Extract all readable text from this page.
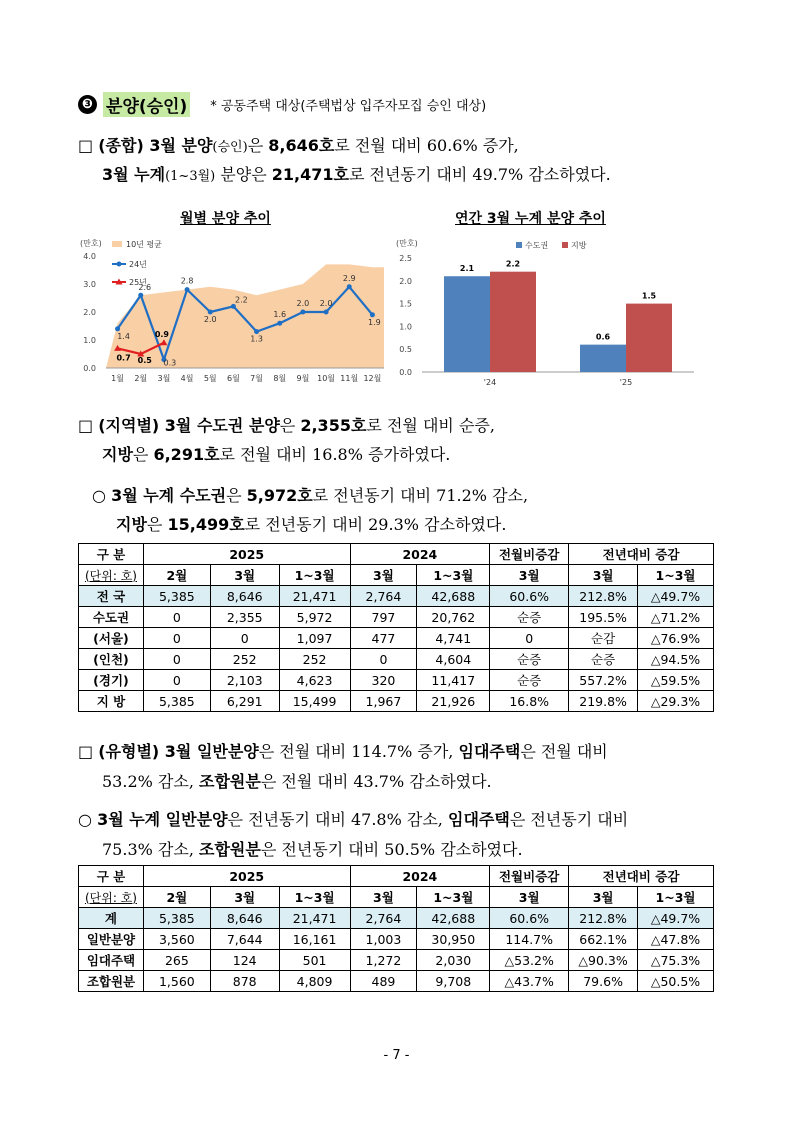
❸ 분양(승인) * 공동주택 대상(주택법상 입주자모집 승인 대상)
□ (종합) 3월 분양(승인)은 8,646호로 전월 대비 60.6% 증가,
3월 누계(1~3월) 분양은 21,471호로 전년동기 대비 49.7% 감소하였다.
월별 분양 추이	연간 3월 누계 분양 추이
(만호)
0.0
1.0
2.0
3.0
4.0
1.4
2.6
0.3
2.8
2.0
2.2
1.3
1.6
2.0 2.0
2.9
1.9
0.7 0.5
0.9
1월 2월 3월 4월 5월 6월 7월 8월 9월 10월 11월 12월
10년 평균
24년
25년
(만호)
0.0
0.5
1.0
1.5
2.0
2.5
2.1
2.2
'24
0.6
1.5
'25
수도권	지방
□ (지역별) 3월 수도권 분양은 2,355호로 전월 대비 순증,
지방은 6,291호로 전월 대비 16.8% 증가하였다.
○ 3월 누계 수도권은 5,972호로 전년동기 대비 71.2% 감소,
지방은 15,499호로 전년동기 대비 29.3% 감소하였다.
구 분	2025			2024		전월비증감	전년대비 증감	
(단위: 호)	2월	3월	1~3월	3월	1~3월	3월	3월	1~3월
전 국	5,385	8,646	21,471	2,764	42,688	60.6%	212.8%	△49.7%
수도권	0	2,355	5,972	797	20,762	순증	195.5%	△71.2%
(서울)	0	0	1,097	477	4,741	0	순감	△76.9%
(인천)	0	252	252	0	4,604	순증	순증	△94.5%
(경기)	0	2,103	4,623	320	11,417	순증	557.2%	△59.5%
지 방	5,385	6,291	15,499	1,967	21,926	16.8%	219.8%	△29.3%
□ (유형별) 3월 일반분양은 전월 대비 114.7% 증가, 임대주택은 전월 대비
53.2% 감소, 조합원분은 전월 대비 43.7% 감소하였다.
○ 3월 누계 일반분양은 전년동기 대비 47.8% 감소, 임대주택은 전년동기 대비
75.3% 감소, 조합원분은 전년동기 대비 50.5% 감소하였다.
구 분	2025			2024		전월비증감	전년대비 증감	
(단위: 호)	2월	3월	1~3월	3월	1~3월	3월	3월	1~3월
계	5,385	8,646	21,471	2,764	42,688	60.6%	212.8%	△49.7%
일반분양	3,560	7,644	16,161	1,003	30,950	114.7%	662.1%	△47.8%
임대주택	265	124	501	1,272	2,030	△53.2%	△90.3%	△75.3%
조합원분	1,560	878	4,809	489	9,708	△43.7%	79.6%	△50.5%
- 7 -
